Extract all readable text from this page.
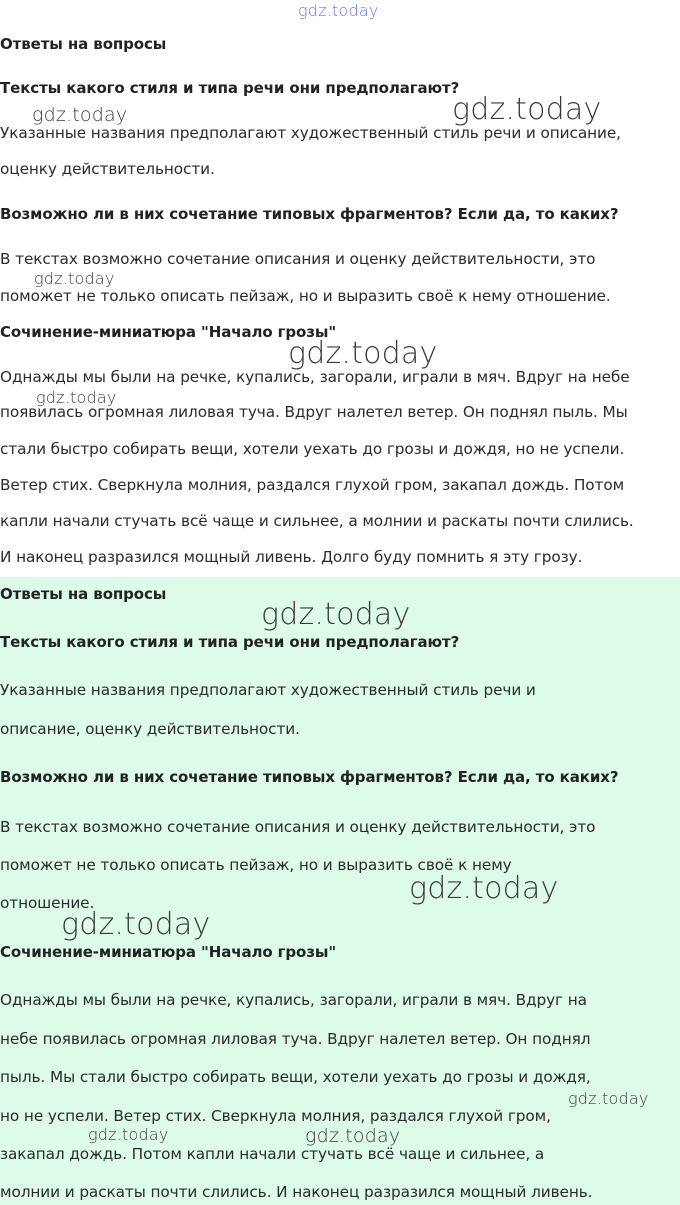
gdz.today
Ответы на вопросы
Тексты какого стиля и типа речи они предполагают?
gdz.today	gdz.today
Указанные названия предполагают художественный стиль речи и описание,
оценку действительности.
Возможно ли в них сочетание типовых фрагментов? Если да, то каких?
В текстах возможно сочетание описания и оценку действительности, это
gdz.today
поможет не только описать пейзаж, но и выразить своё к нему отношение.
Сочинение-миниатюра "Начало грозы"
gdz.today
Однажды мы были на речке, купались, загорали, играли в мяч. Вдруг на небе
gdz.today
появилась огромная лиловая туча. Вдруг налетел ветер. Он поднял пыль. Мы
стали быстро собирать вещи, хотели уехать до грозы и дождя, но не успели.
Ветер стих. Сверкнула молния, раздался глухой гром, закапал дождь. Потом
капли начали стучать всё чаще и сильнее, а молнии и раскаты почти слились.
И наконец разразился мощный ливень. Долго буду помнить я эту грозу.
Ответы на вопросы
gdz.today
Тексты какого стиля и типа речи они предполагают?
Указанные названия предполагают художественный стиль речи и
описание, оценку действительности.
Возможно ли в них сочетание типовых фрагментов? Если да, то каких?
В текстах возможно сочетание описания и оценку действительности, это
поможет не только описать пейзаж, но и выразить своё к нему
gdz.today
отношение.
gdz.today
Сочинение-миниатюра "Начало грозы"
Однажды мы были на речке, купались, загорали, играли в мяч. Вдруг на
небе появилась огромная лиловая туча. Вдруг налетел ветер. Он поднял
пыль. Мы стали быстро собирать вещи, хотели уехать до грозы и дождя,
gdz.today
но не успели. Ветер стих. Сверкнула молния, раздался глухой гром,
gdz.today	gdz.today
закапал дождь. Потом капли начали стучать всё чаще и сильнее, а
молнии и раскаты почти слились. И наконец разразился мощный ливень.
